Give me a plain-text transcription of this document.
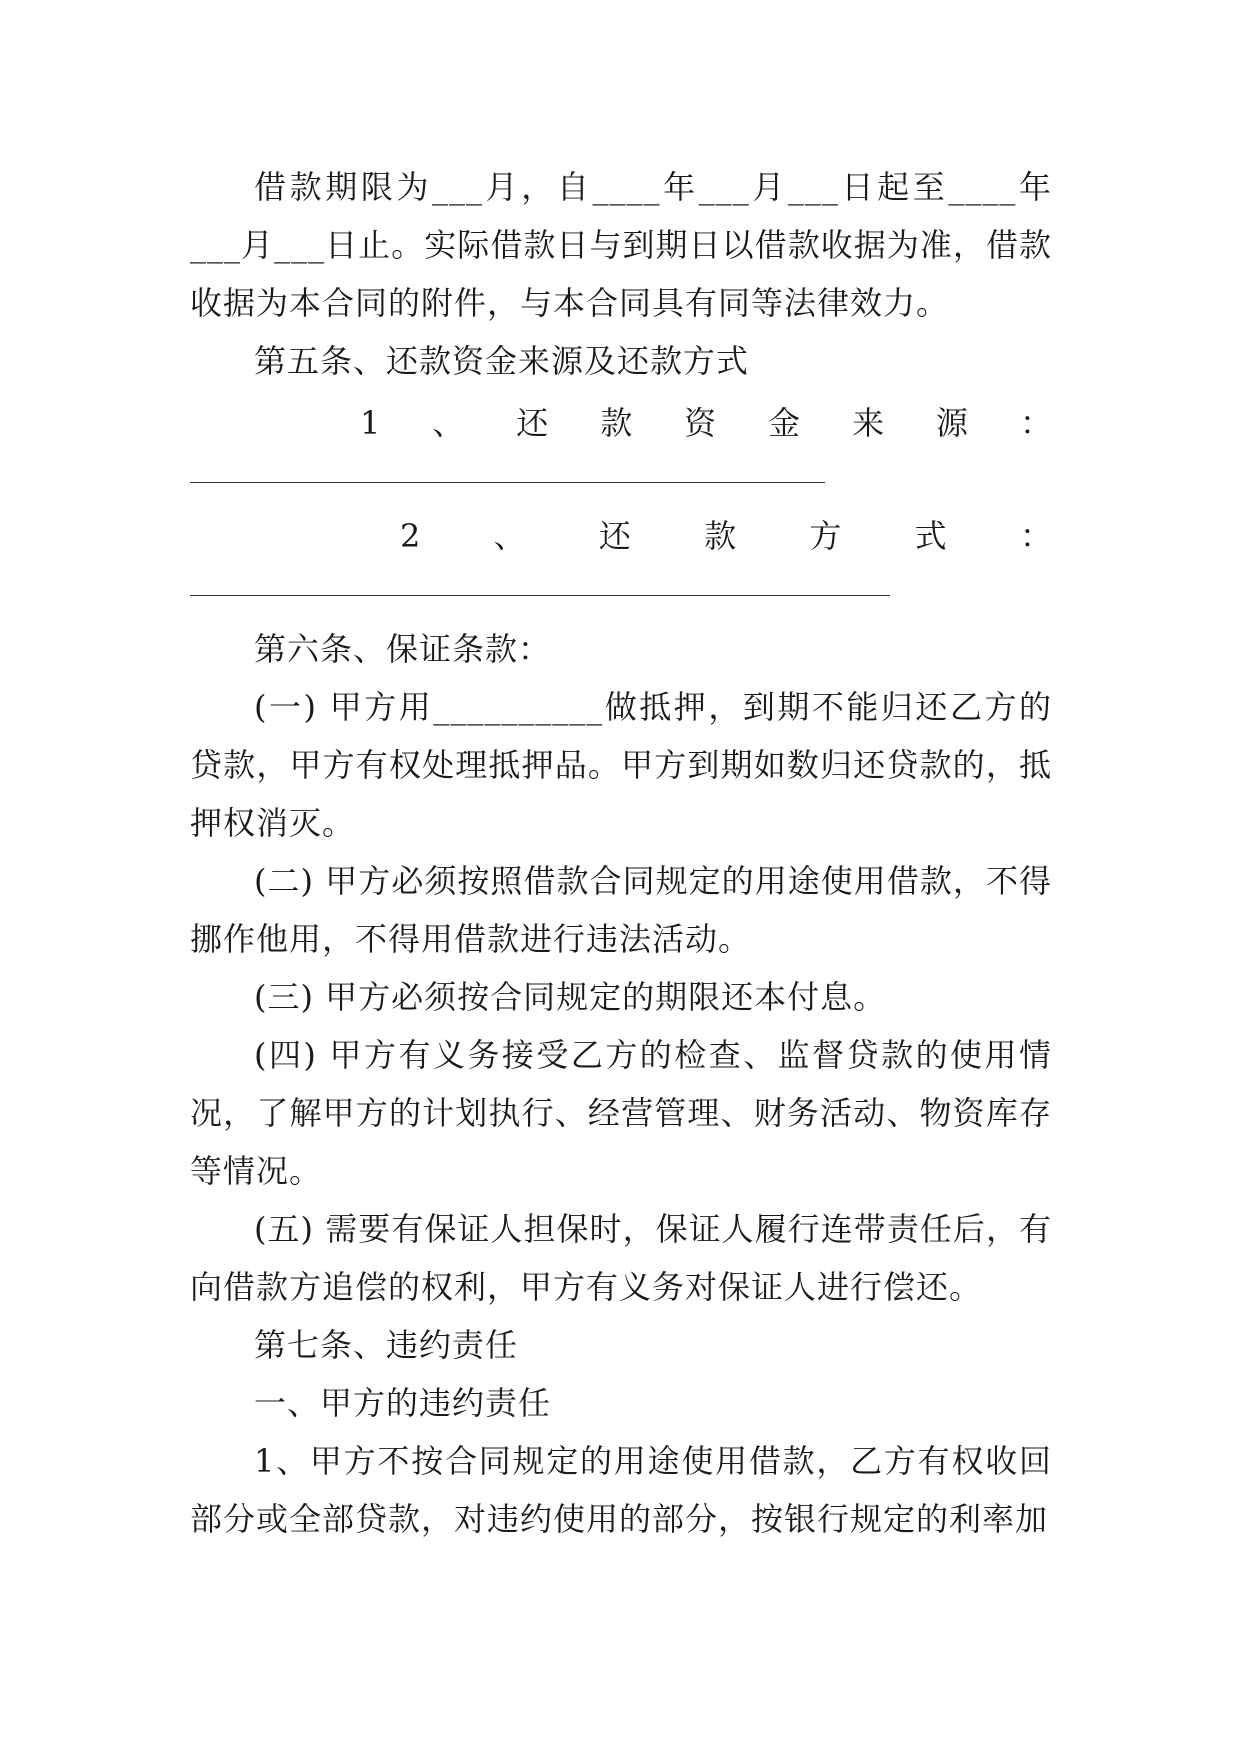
借款期限为___月，自____年___月___日起至____年___月___日止。实际借款日与到期日以借款收据为准，借款收据为本合同的附件，与本合同具有同等法律效力。

第五条、还款资金来源及还款方式

1 、 还 款 资 金 来 源 ：
2 、 还 款 方 式 ：

第六条、保证条款：

(一) 甲方用__________做抵押，到期不能归还乙方的贷款，甲方有权处理抵押品。甲方到期如数归还贷款的，抵押权消灭。

(二) 甲方必须按照借款合同规定的用途使用借款，不得挪作他用，不得用借款进行违法活动。

(三) 甲方必须按合同规定的期限还本付息。

(四) 甲方有义务接受乙方的检查、监督贷款的使用情况，了解甲方的计划执行、经营管理、财务活动、物资库存等情况。

(五) 需要有保证人担保时，保证人履行连带责任后，有向借款方追偿的权利，甲方有义务对保证人进行偿还。

第七条、违约责任

一、甲方的违约责任

1、甲方不按合同规定的用途使用借款，乙方有权收回部分或全部贷款，对违约使用的部分，按银行规定的利率加
